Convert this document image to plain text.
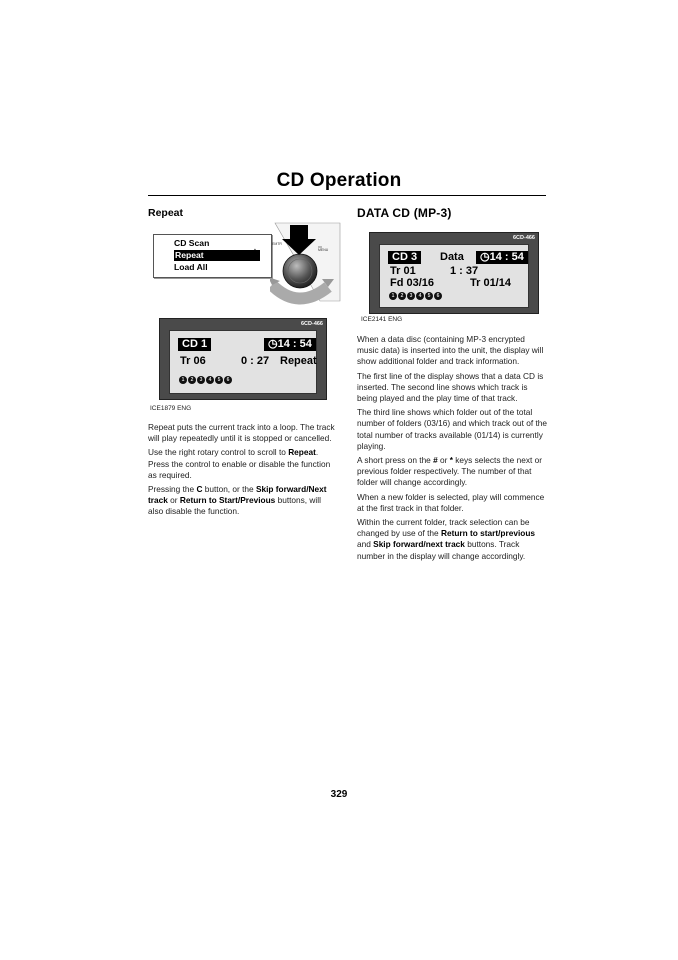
CD Operation
Repeat
CD Scan
Repeat
Load All
▲
▼
EMTR
MENU
6CD-466
CD 1	◷14 : 54
Tr 06	0 : 27 Repeat
1	2	3	4	5	6
ICE1879 ENG

Repeat puts the current track into a loop. The track will play repeatedly until it is stopped or cancelled.

Use the right rotary control to scroll to Repeat. Press the control to enable or disable the function as required.

Pressing the C button, or the Skip forward/Next track or Return to Start/Previous buttons, will also disable the function.

DATA CD (MP-3)
6CD-466
CD 3	Data	◷14 : 54
Tr 01	1 : 37
Fd 03/16	Tr 01/14
1	2	3	4	5	6
ICE2141 ENG

When a data disc (containing MP-3 encrypted music data) is inserted into the unit, the display will show additional folder and track information.

The first line of the display shows that a data CD is inserted. The second line shows which track is being played and the play time of that track.

The third line shows which folder out of the total number of folders (03/16) and which track out of the total number of tracks available (01/14) is currently playing.

A short press on the # or * keys selects the next or previous folder respectively. The number of that folder will change accordingly.

When a new folder is selected, play will commence at the first track in that folder.

Within the current folder, track selection can be changed by use of the Return to start/previous and Skip forward/next track buttons. Track number in the display will change accordingly.

329
